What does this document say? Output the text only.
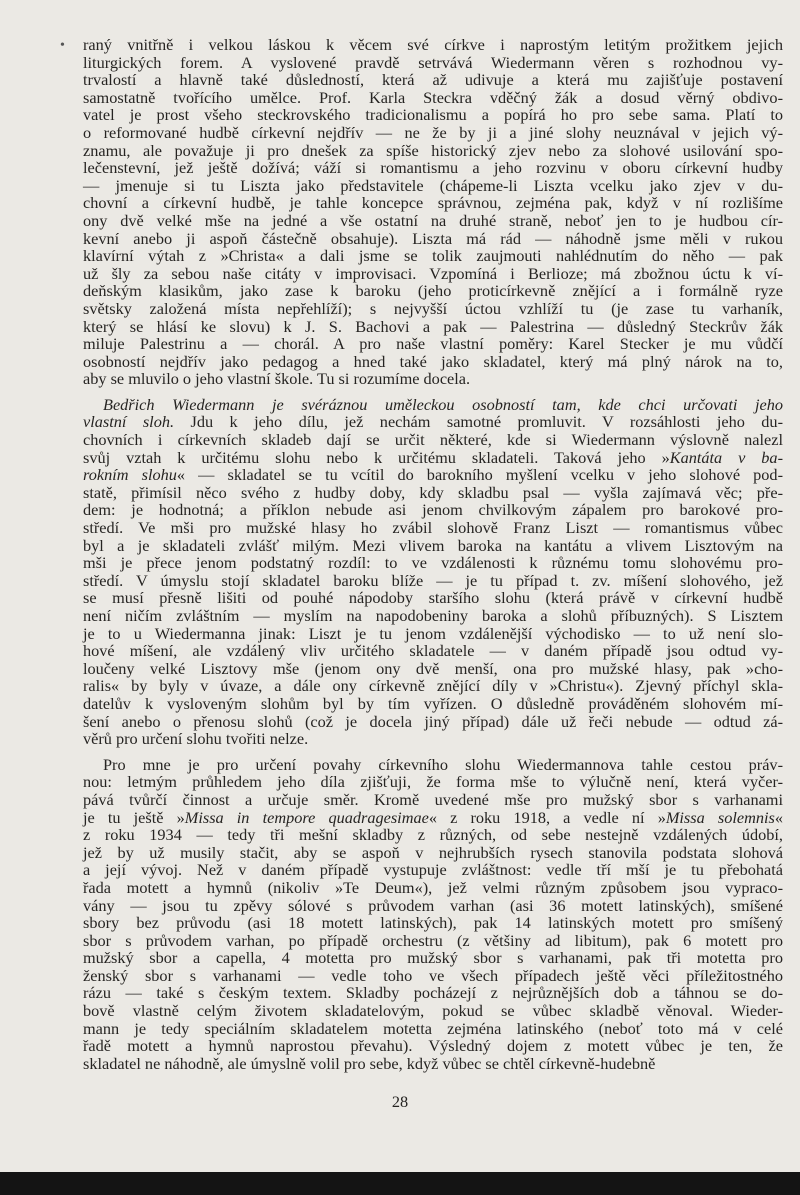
• raný vnitřně i velkou láskou k věcem své církve i naprostým letitým prožitkem jejich
liturgických forem. A vyslovené pravdě setrvává Wiedermann věren s rozhodnou vy-
trvalostí a hlavně také důsledností, která až udivuje a která mu zajišťuje postavení
samostatně tvořícího umělce. Prof. Karla Steckra vděčný žák a dosud věrný obdivo-
vatel je prost všeho steckrovského tradicionalismu a popírá ho pro sebe sama. Platí to
o reformované hudbě církevní nejdřív — ne že by ji a jiné slohy neuznával v jejich vý-
znamu, ale považuje ji pro dnešek za spíše historický zjev nebo za slohové usilování spo-
lečenstevní, jež ještě dožívá; váží si romantismu a jeho rozvinu v oboru církevní hudby
— jmenuje si tu Liszta jako představitele (chápeme-li Liszta vcelku jako zjev v du-
chovní a církevní hudbě, je tahle koncepce správnou, zejména pak, když v ní rozlišíme
ony dvě velké mše na jedné a vše ostatní na druhé straně, neboť jen to je hudbou cír-
kevní anebo ji aspoň částečně obsahuje). Liszta má rád — náhodně jsme měli v rukou
klavírní výtah z »Christa« a dali jsme se tolik zaujmouti nahlédnutím do něho — pak
už šly za sebou naše citáty v improvisaci. Vzpomíná i Berlioze; má zbožnou úctu k ví-
deňským klasikům, jako zase k baroku (jeho proticírkevně znějící a i formálně ryze
světsky založená místa nepřehlíží); s nejvyšší úctou vzhlíží tu (je zase tu varhaník,
který se hlásí ke slovu) k J. S. Bachovi a pak — Palestrina — důsledný Steckrův žák
miluje Palestrinu a — chorál. A pro naše vlastní poměry: Karel Stecker je mu vůdčí
osobností nejdřív jako pedagog a hned také jako skladatel, který má plný nárok na to,
aby se mluvilo o jeho vlastní škole. Tu si rozumíme docela.
Bedřich Wiedermann je svéráznou uměleckou osobností tam, kde chci určovati jeho
vlastní sloh. Jdu k jeho dílu, jež nechám samotné promluvit. V rozsáhlosti jeho du-
chovních i církevních skladeb dají se určit některé, kde si Wiedermann výslovně nalezl
svůj vztah k určitému slohu nebo k určitému skladateli. Taková jeho »Kantáta v ba-
rokním slohu« — skladatel se tu vcítil do barokního myšlení vcelku v jeho slohové pod-
statě, přimísil něco svého z hudby doby, kdy skladbu psal — vyšla zajímavá věc; pře-
dem: je hodnotná; a příklon nebude asi jenom chvilkovým zápalem pro barokové pro-
středí. Ve mši pro mužské hlasy ho zvábil slohově Franz Liszt — romantismus vůbec
byl a je skladateli zvlášť milým. Mezi vlivem baroka na kantátu a vlivem Lisztovým na
mši je přece jenom podstatný rozdíl: to ve vzdálenosti k různému tomu slohovému pro-
středí. V úmyslu stojí skladatel baroku blíže — je tu případ t. zv. míšení slohového, jež
se musí přesně lišiti od pouhé nápodoby staršího slohu (která právě v církevní hudbě
není ničím zvláštním — myslím na napodobeniny baroka a slohů příbuzných). S Lisztem
je to u Wiedermanna jinak: Liszt je tu jenom vzdálenější východisko — to už není slo-
hové míšení, ale vzdálený vliv určitého skladatele — v daném případě jsou odtud vy-
loučeny velké Lisztovy mše (jenom ony dvě menší, ona pro mužské hlasy, pak »cho-
ralis« by byly v úvaze, a dále ony církevně znějící díly v »Christu«). Zjevný příchyl skla-
datelův k vysloveným slohům byl by tím vyřízen. O důsledně prováděném slohovém mí-
šení anebo o přenosu slohů (což je docela jiný případ) dále už řeči nebude — odtud zá-
věrů pro určení slohu tvořiti nelze.
Pro mne je pro určení povahy církevního slohu Wiedermannova tahle cestou práv-
nou: letmým průhledem jeho díla zjišťuji, že forma mše to výlučně není, která vyčer-
pává tvůrčí činnost a určuje směr. Kromě uvedené mše pro mužský sbor s varhanami
je tu ještě »Missa in tempore quadragesimae« z roku 1918, a vedle ní »Missa solemnis«
z roku 1934 — tedy tři mešní skladby z různých, od sebe nestejně vzdálených údobí,
jež by už musily stačit, aby se aspoň v nejhrubších rysech stanovila podstata slohová
a její vývoj. Než v daném případě vystupuje zvláštnost: vedle tří mší je tu přebohatá
řada motett a hymnů (nikoliv »Te Deum«), jež velmi různým způsobem jsou vypraco-
vány — jsou tu zpěvy sólové s průvodem varhan (asi 36 motett latinských), smíšené
sbory bez průvodu (asi 18 motett latinských), pak 14 latinských motett pro smíšený
sbor s průvodem varhan, po případě orchestru (z většiny ad libitum), pak 6 motett pro
mužský sbor a capella, 4 motetta pro mužský sbor s varhanami, pak tři motetta pro
ženský sbor s varhanami — vedle toho ve všech případech ještě věci příležitostného
rázu — také s českým textem. Skladby pocházejí z nejrůznějších dob a táhnou se do-
bově vlastně celým životem skladatelovým, pokud se vůbec skladbě věnoval. Wieder-
mann je tedy speciálním skladatelem motetta zejména latinského (neboť toto má v celé
řadě motett a hymnů naprostou převahu). Výsledný dojem z motett vůbec je ten, že
skladatel ne náhodně, ale úmyslně volil pro sebe, když vůbec se chtěl církevně-hudebně
28
